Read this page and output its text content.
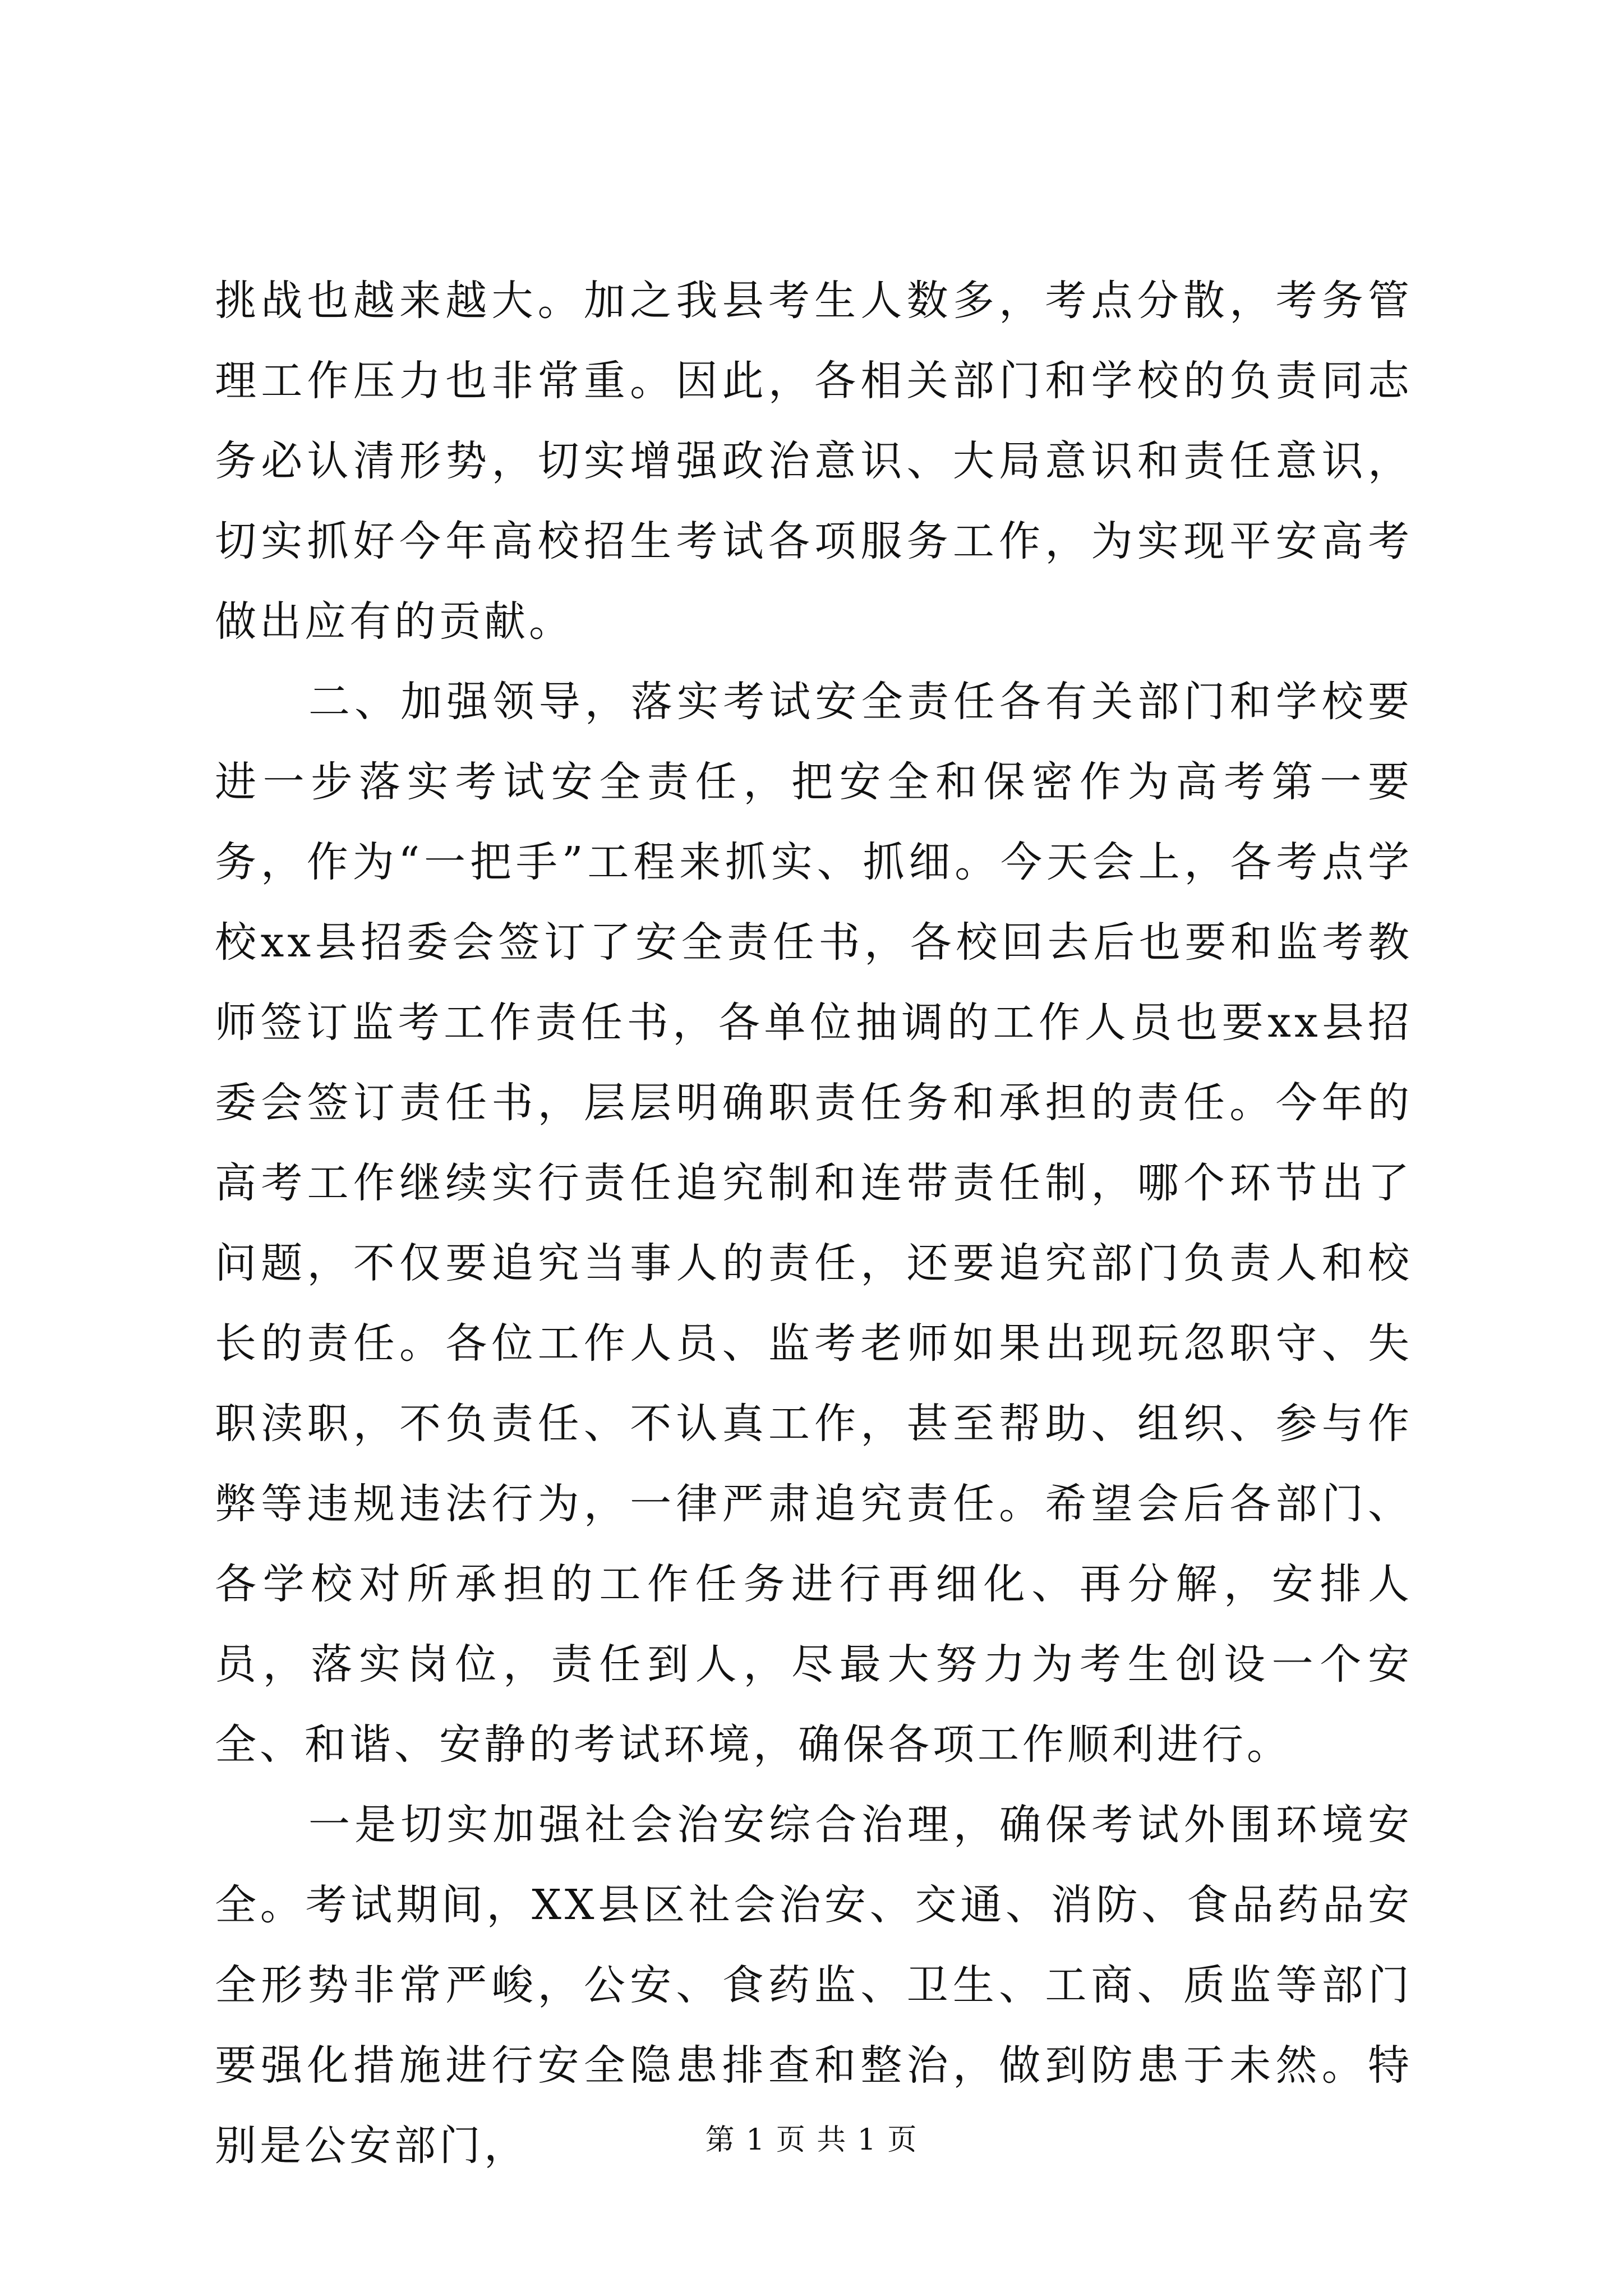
挑战也越来越大。加之我县考生人数多，考点分散，考务管理工作压力也非常重。因此，各相关部门和学校的负责同志务必认清形势，切实增强政治意识、大局意识和责任意识，切实抓好今年高校招生考试各项服务工作，为实现平安高考做出应有的贡献。

二、加强领导，落实考试安全责任各有关部门和学校要进一步落实考试安全责任，把安全和保密作为高考第一要务，作为“一把手”工程来抓实、抓细。今天会上，各考点学校xx县招委会签订了安全责任书，各校回去后也要和监考教师签订监考工作责任书，各单位抽调的工作人员也要xx县招委会签订责任书，层层明确职责任务和承担的责任。今年的高考工作继续实行责任追究制和连带责任制，哪个环节出了问题，不仅要追究当事人的责任，还要追究部门负责人和校长的责任。各位工作人员、监考老师如果出现玩忽职守、失职渎职，不负责任、不认真工作，甚至帮助、组织、参与作弊等违规违法行为，一律严肃追究责任。希望会后各部门、各学校对所承担的工作任务进行再细化、再分解，安排人员，落实岗位，责任到人，尽最大努力为考生创设一个安全、和谐、安静的考试环境，确保各项工作顺利进行。

一是切实加强社会治安综合治理，确保考试外围环境安全。考试期间，XX县区社会治安、交通、消防、食品药品安全形势非常严峻，公安、食药监、卫生、工商、质监等部门要强化措施进行安全隐患排查和整治，做到防患于未然。特别是公安部门，	第 1 页 共 1 页
